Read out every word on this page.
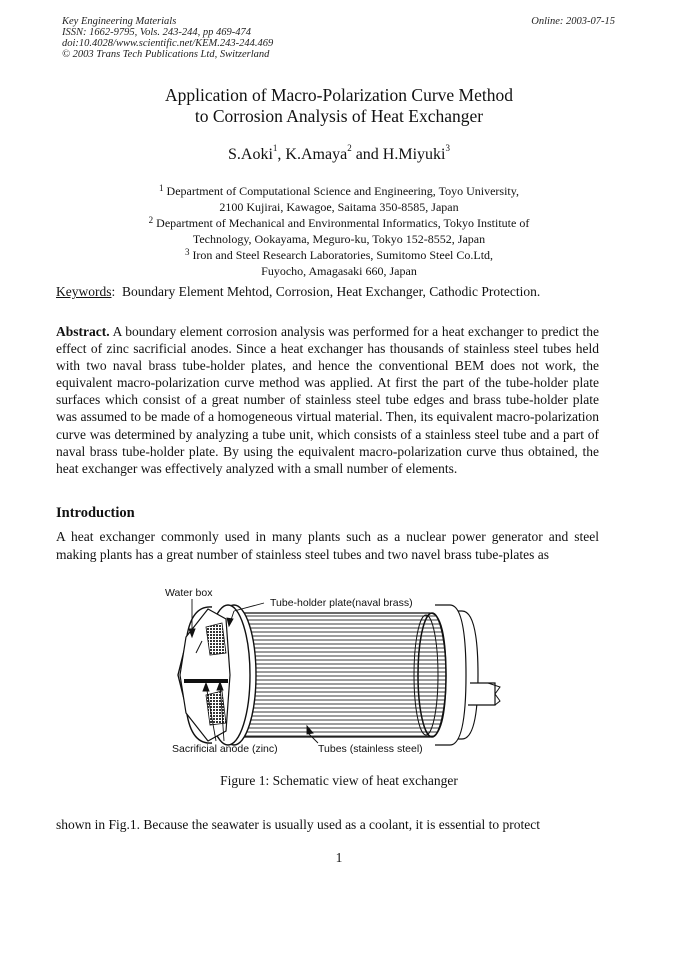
Key Engineering Materials
ISSN: 1662-9795, Vols. 243-244, pp 469-474
doi:10.4028/www.scientific.net/KEM.243-244.469
© 2003 Trans Tech Publications Ltd, Switzerland
Online: 2003-07-15
Application of Macro-Polarization Curve Method
to Corrosion Analysis of Heat Exchanger
S.Aoki$^1$, K.Amaya$^2$ and H.Miyuki$^3$
$^1$ Department of Computational Science and Engineering, Toyo University,
2100 Kujirai, Kawagoe, Saitama 350-8585, Japan
$^2$ Department of Mechanical and Environmental Informatics, Tokyo Institute of
Technology, Ookayama, Meguro-ku, Tokyo 152-8552, Japan
$^3$ Iron and Steel Research Laboratories, Sumitomo Steel Co.Ltd,
Fuyocho, Amagasaki 660, Japan
Keywords:  Boundary Element Mehtod, Corrosion, Heat Exchanger, Cathodic Protection.
Abstract. A boundary element corrosion analysis was performed for a heat exchanger to predict the effect of zinc sacrificial anodes. Since a heat exchanger has thousands of stainless steel tubes held with two naval brass tube-holder plates, and hence the conventional BEM does not work, the equivalent macro-polarization curve method was applied. At first the part of the tube-holder plate surfaces which consist of a great number of stainless steel tube edges and brass tube-holder plate was assumed to be made of a homogeneous virtual material. Then, its equivalent macro-polarization curve was determined by analyzing a tube unit, which consists of a stainless steel tube and a part of naval brass tube-holder plate. By using the equivalent macro-polarization curve thus obtained, the heat exchanger was effectively analyzed with a small number of elements.
Introduction
A heat exchanger commonly used in many plants such as a nuclear power generator and steel making plants has a great number of stainless steel tubes and two navel brass tube-plates as
Water box
Tube-holder plate(naval brass)
Sacrificial anode (zinc)	Tubes (stainless steel)
Figure 1: Schematic view of heat exchanger
shown in Fig.1. Because the seawater is usually used as a coolant, it is essential to protect
1
